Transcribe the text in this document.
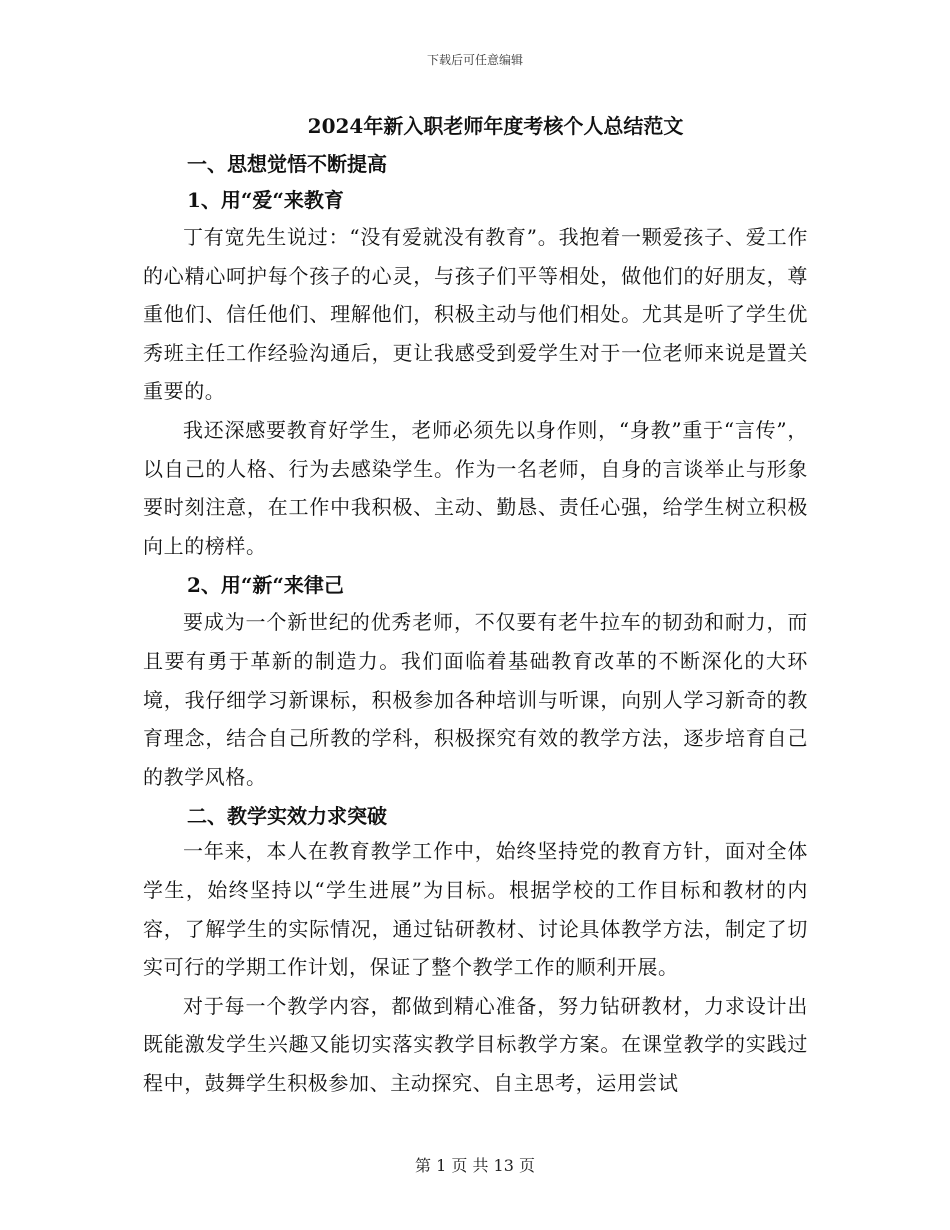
下载后可任意编辑
2024年新入职老师年度考核个人总结范文
一、思想觉悟不断提高
1、用“爱“来教育

丁有宽先生说过：“没有爱就没有教育”。我抱着一颗爱孩子、爱工作的心精心呵护每个孩子的心灵，与孩子们平等相处，做他们的好朋友，尊重他们、信任他们、理解他们，积极主动与他们相处。尤其是听了学生优秀班主任工作经验沟通后，更让我感受到爱学生对于一位老师来说是置关重要的。

我还深感要教育好学生，老师必须先以身作则，“身教”重于“言传”，以自己的人格、行为去感染学生。作为一名老师，自身的言谈举止与形象要时刻注意，在工作中我积极、主动、勤恳、责任心强，给学生树立积极向上的榜样。

2、用“新“来律己

要成为一个新世纪的优秀老师，不仅要有老牛拉车的韧劲和耐力，而且要有勇于革新的制造力。我们面临着基础教育改革的不断深化的大环境，我仔细学习新课标，积极参加各种培训与听课，向别人学习新奇的教育理念，结合自己所教的学科，积极探究有效的教学方法，逐步培育自己的教学风格。

二、教学实效力求突破

一年来，本人在教育教学工作中，始终坚持党的教育方针，面对全体学生，始终坚持以“学生进展”为目标。根据学校的工作目标和教材的内容，了解学生的实际情况，通过钻研教材、讨论具体教学方法，制定了切实可行的学期工作计划，保证了整个教学工作的顺利开展。

对于每一个教学内容，都做到精心准备，努力钻研教材，力求设计出既能激发学生兴趣又能切实落实教学目标教学方案。在课堂教学的实践过程中，鼓舞学生积极参加、主动探究、自主思考，运用尝试

第 1 页 共 13 页
